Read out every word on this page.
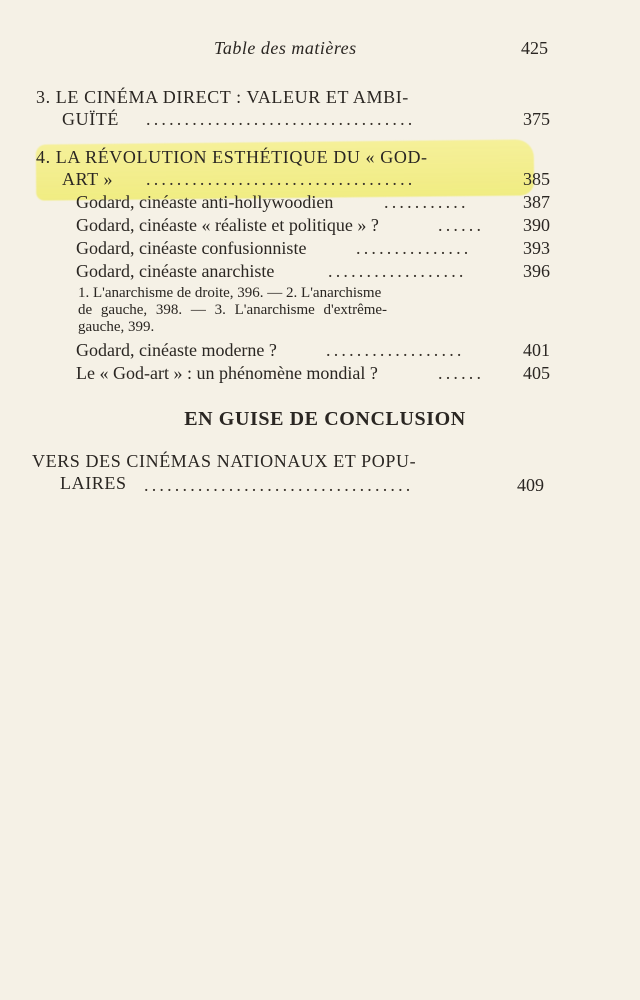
Table des matières	425
3. LE CINÉMA DIRECT : VALEUR ET AMBI-
GUÏTÉ ...................................	375
4. LA RÉVOLUTION ESTHÉTIQUE DU « GOD-
ART » ...................................	385
Godard, cinéaste anti-hollywoodien	...........	387
Godard, cinéaste « réaliste et politique » ?	......	390
Godard, cinéaste confusionniste	...............	393
Godard, cinéaste anarchiste	..................	396
1. L'anarchisme de droite, 396. — 2. L'anarchisme
de gauche, 398. — 3. L'anarchisme d'extrême-
gauche, 399.
Godard, cinéaste moderne ?	..................	401
Le « God-art » : un phénomène mondial ?	......	405
EN GUISE DE CONCLUSION
VERS DES CINÉMAS NATIONAUX ET POPU-
LAIRES ...................................	409
